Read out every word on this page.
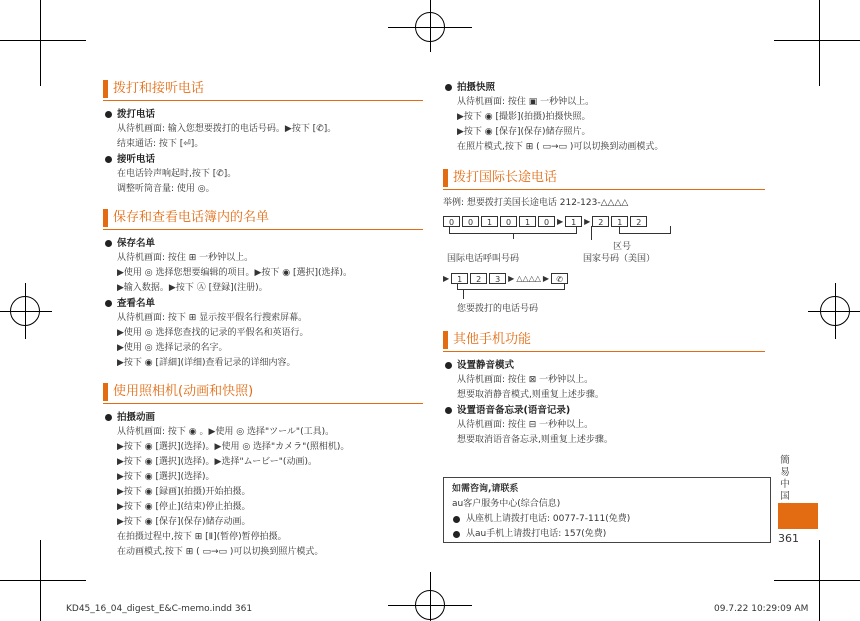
拨打和接听电话
拨打电话
从待机画面: 输入您想要拨打的电话号码。▶按下 [✆]。
结束通话: 按下 [⏎]。
接听电话
在电话铃声响起时,按下 [✆]。
调整听筒音量: 使用 ◎。
保存和查看电话簿内的名单
保存名单
从待机画面: 按住 ⊞ 一秒钟以上。
▶使用 ◎ 选择您想要编辑的项目。▶按下 ◉ [選択](选择)。
▶输入数据。▶按下 Ⓐ [登録](注册)。
查看名单
从待机画面: 按下 ⊞ 显示按平假名行搜索屏幕。
▶使用 ◎ 选择您查找的记录的平假名和英语行。
▶使用 ◎ 选择记录的名字。
▶按下 ◉ [詳細](详细)查看记录的详细内容。
使用照相机(动画和快照)
拍摄动画
从待机画面: 按下 ◉ 。▶使用 ◎ 选择"ツール"(工具)。
▶按下 ◉ [選択](选择)。▶使用 ◎ 选择"カメラ"(照相机)。
▶按下 ◉ [選択](选择)。▶选择"ムービー"(动画)。
▶按下 ◉ [選択](选择)。
▶按下 ◉ [録画](拍摄)开始拍摄。
▶按下 ◉ [停止](结束)停止拍摄。
▶按下 ◉ [保存](保存)储存动画。
在拍摄过程中,按下 ⊞ [Ⅱ](暂停)暂停拍摄。
在动画模式,按下 ⊞ ( ▭→▭ )可以切换到照片模式。
拍摄快照
从待机画面: 按住 ▣ 一秒钟以上。
▶按下 ◉ [撮影](拍摄)拍摄快照。
▶按下 ◉ [保存](保存)储存照片。
在照片模式,按下 ⊞ ( ▭→▭ )可以切换到动画模式。
拨打国际长途电话
举例: 想要拨打美国长途电话 212-123-△△△△
0	0	1	0	1	0 ▶ 1 ▶ 2	1	2
区号
国际电话呼叫号码	国家号码（美国）
▶ 1	2	3 ▶ △△△△ ▶ ✆
您要拨打的电话号码
其他手机功能
设置静音模式
从待机画面: 按住 ⊠ 一秒钟以上。
想要取消静音模式,则重复上述步骤。
设置语音备忘录(语音记录)
从待机画面: 按住 ⊟ 一秒种以上。
想要取消语音备忘录,则重复上述步骤。
如需咨询,请联系
au客户服务中心(综合信息)
从座机上请拨打电话: 0077-7-111(免费)
从au手机上请拨打电话: 157(免费)
簡易中国
361
KD45_16_04_digest_E&C-memo.indd 361	09.7.22 10:29:09 AM
